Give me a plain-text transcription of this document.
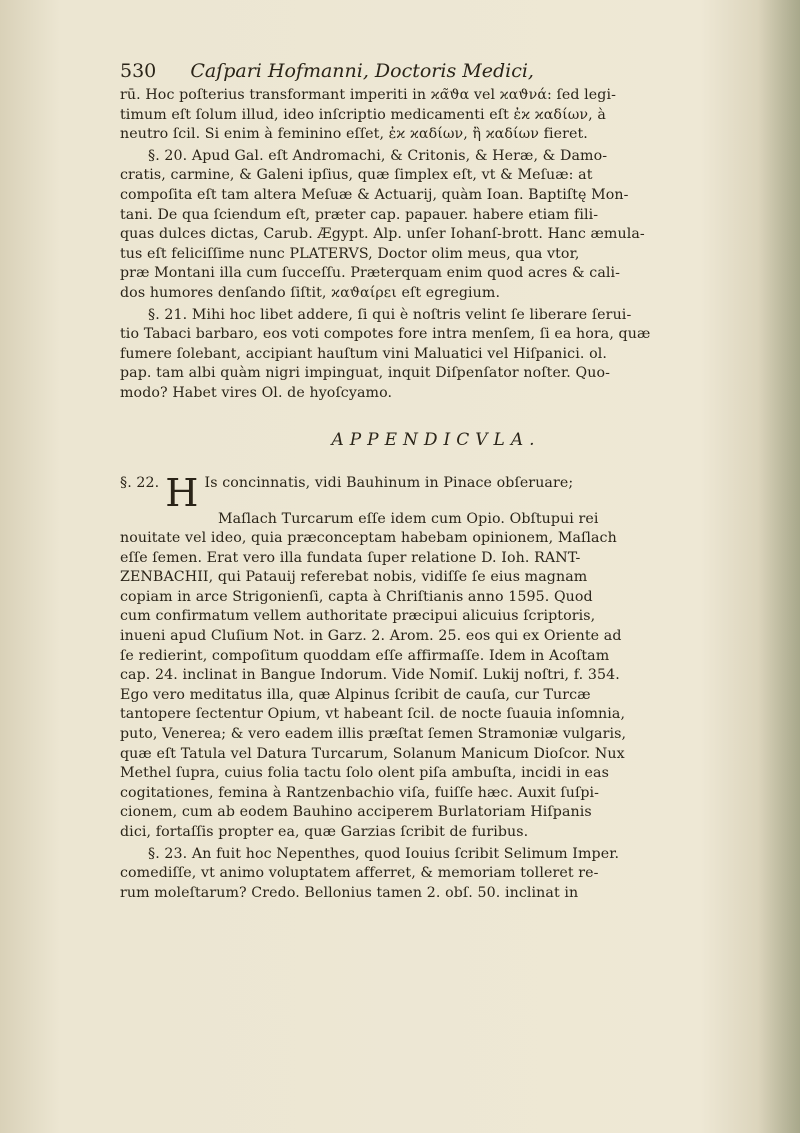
530 Caſpari Hofmanni, Doctoris Medici,
rū. Hoc poſterius transformant imperiti in ϰα̃ϑα vel ϰαϑνά: ſed legi-
timum eſt ſolum illud, ideo inſcriptio medicamenti eſt ἐϰ ϰαδίων, à
neutro ſcil. Si enim à feminino eſſet, ἐϰ ϰαδίων, ἢ ϰαδίων fieret.
§. 20. Apud Gal. eſt Andromachi, & Critonis, & Heræ, & Damo-
cratis, carmine, & Galeni ipſius, quæ ſimplex eſt, vt & Meſuæ: at
compoſita eſt tam altera Meſuæ & Actuarij, quàm Ioan. Baptiſtę Mon-
tani. De qua ſciendum eſt, præter cap. papauer. habere etiam fili-
quas dulces dictas, Carub. Ægypt. Alp. unſer Iohanſ-brott. Hanc æmula-
tus eſt feliciſſime nunc PLATERVS, Doctor olim meus, qua vtor,
præ Montani illa cum ſucceſſu. Præterquam enim quod acres & cali-
dos humores denſando ſiſtit, ϰαϑαίρει eſt egregium.
§. 21. Mihi hoc libet addere, ſi qui è noſtris velint ſe liberare ſerui-
tio Tabaci barbaro, eos voti compotes fore intra menſem, ſi ea hora, quæ
fumere ſolebant, accipiant hauſtum vini Maluatici vel Hiſpanici. ol.
pap. tam albi quàm nigri impinguat, inquit Diſpenſator noſter. Quo-
modo? Habet vires Ol. de hyoſcyamo.
APPENDICVLA.
§. 22. H Is concinnatis, vidi Bauhinum in Pinace obſeruare;
Maſlach Turcarum eſſe idem cum Opio. Obſtupui rei
nouitate vel ideo, quia præconceptam habebam opinionem, Maſlach
eſſe ſemen. Erat vero illa fundata ſuper relatione D. Ioh. RANT-
ZENBACHII, qui Patauij referebat nobis, vidiſſe ſe eius magnam
copiam in arce Strigonienſi, capta à Chriſtianis anno 1595. Quod
cum confirmatum vellem authoritate præcipui alicuius ſcriptoris,
inueni apud Cluſium Not. in Garz. 2. Arom. 25. eos qui ex Oriente ad
ſe redierint, compoſitum quoddam eſſe affirmaſſe. Idem in Acoſtam
cap. 24. inclinat in Bangue Indorum. Vide Nomiſ. Lukij noſtri, f. 354.
Ego vero meditatus illa, quæ Alpinus ſcribit de cauſa, cur Turcæ
tantopere ſectentur Opium, vt habeant ſcil. de nocte ſuauia inſomnia,
puto, Venerea; & vero eadem illis præſtat ſemen Stramoniæ vulgaris,
quæ eſt Tatula vel Datura Turcarum, Solanum Manicum Dioſcor. Nux
Methel ſupra, cuius folia tactu ſolo olent piſa ambuſta, incidi in eas
cogitationes, femina à Rantzenbachio viſa, fuiſſe hæc. Auxit ſuſpi-
cionem, cum ab eodem Bauhino acciperem Burlatoriam Hiſpanis
dici, fortaſſis propter ea, quæ Garzias ſcribit de furibus.
§. 23. An fuit hoc Nepenthes, quod Iouius ſcribit Selimum Imper.
comediſſe, vt animo voluptatem afferret, & memoriam tolleret re-
rum moleſtarum? Credo. Bellonius tamen 2. obſ. 50. inclinat in
